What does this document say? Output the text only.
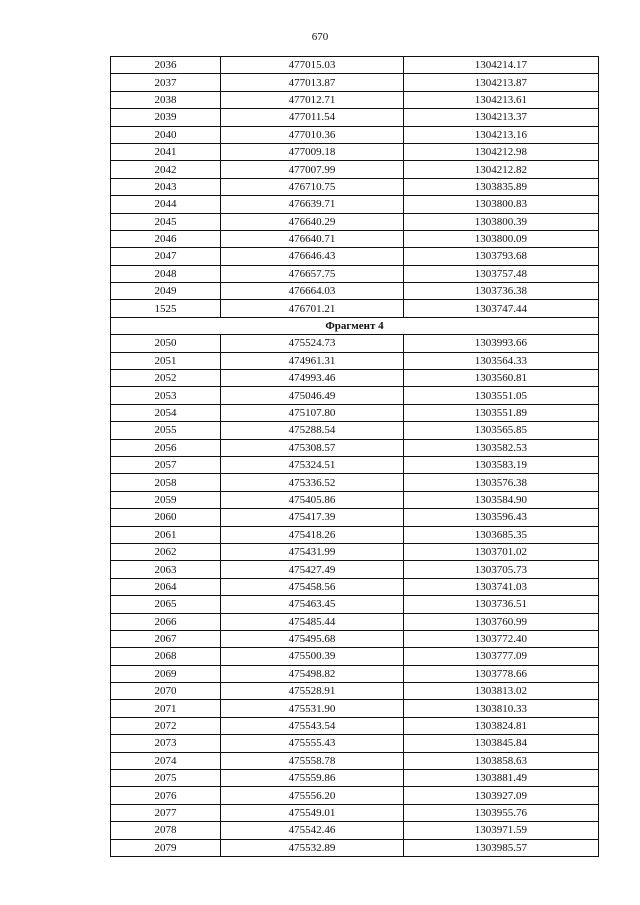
670
2036	477015.03	1304214.17
2037	477013.87	1304213.87
2038	477012.71	1304213.61
2039	477011.54	1304213.37
2040	477010.36	1304213.16
2041	477009.18	1304212.98
2042	477007.99	1304212.82
2043	476710.75	1303835.89
2044	476639.71	1303800.83
2045	476640.29	1303800.39
2046	476640.71	1303800.09
2047	476646.43	1303793.68
2048	476657.75	1303757.48
2049	476664.03	1303736.38
1525	476701.21	1303747.44
Фрагмент 4		
2050	475524.73	1303993.66
2051	474961.31	1303564.33
2052	474993.46	1303560.81
2053	475046.49	1303551.05
2054	475107.80	1303551.89
2055	475288.54	1303565.85
2056	475308.57	1303582.53
2057	475324.51	1303583.19
2058	475336.52	1303576.38
2059	475405.86	1303584.90
2060	475417.39	1303596.43
2061	475418.26	1303685.35
2062	475431.99	1303701.02
2063	475427.49	1303705.73
2064	475458.56	1303741.03
2065	475463.45	1303736.51
2066	475485.44	1303760.99
2067	475495.68	1303772.40
2068	475500.39	1303777.09
2069	475498.82	1303778.66
2070	475528.91	1303813.02
2071	475531.90	1303810.33
2072	475543.54	1303824.81
2073	475555.43	1303845.84
2074	475558.78	1303858.63
2075	475559.86	1303881.49
2076	475556.20	1303927.09
2077	475549.01	1303955.76
2078	475542.46	1303971.59
2079	475532.89	1303985.57
